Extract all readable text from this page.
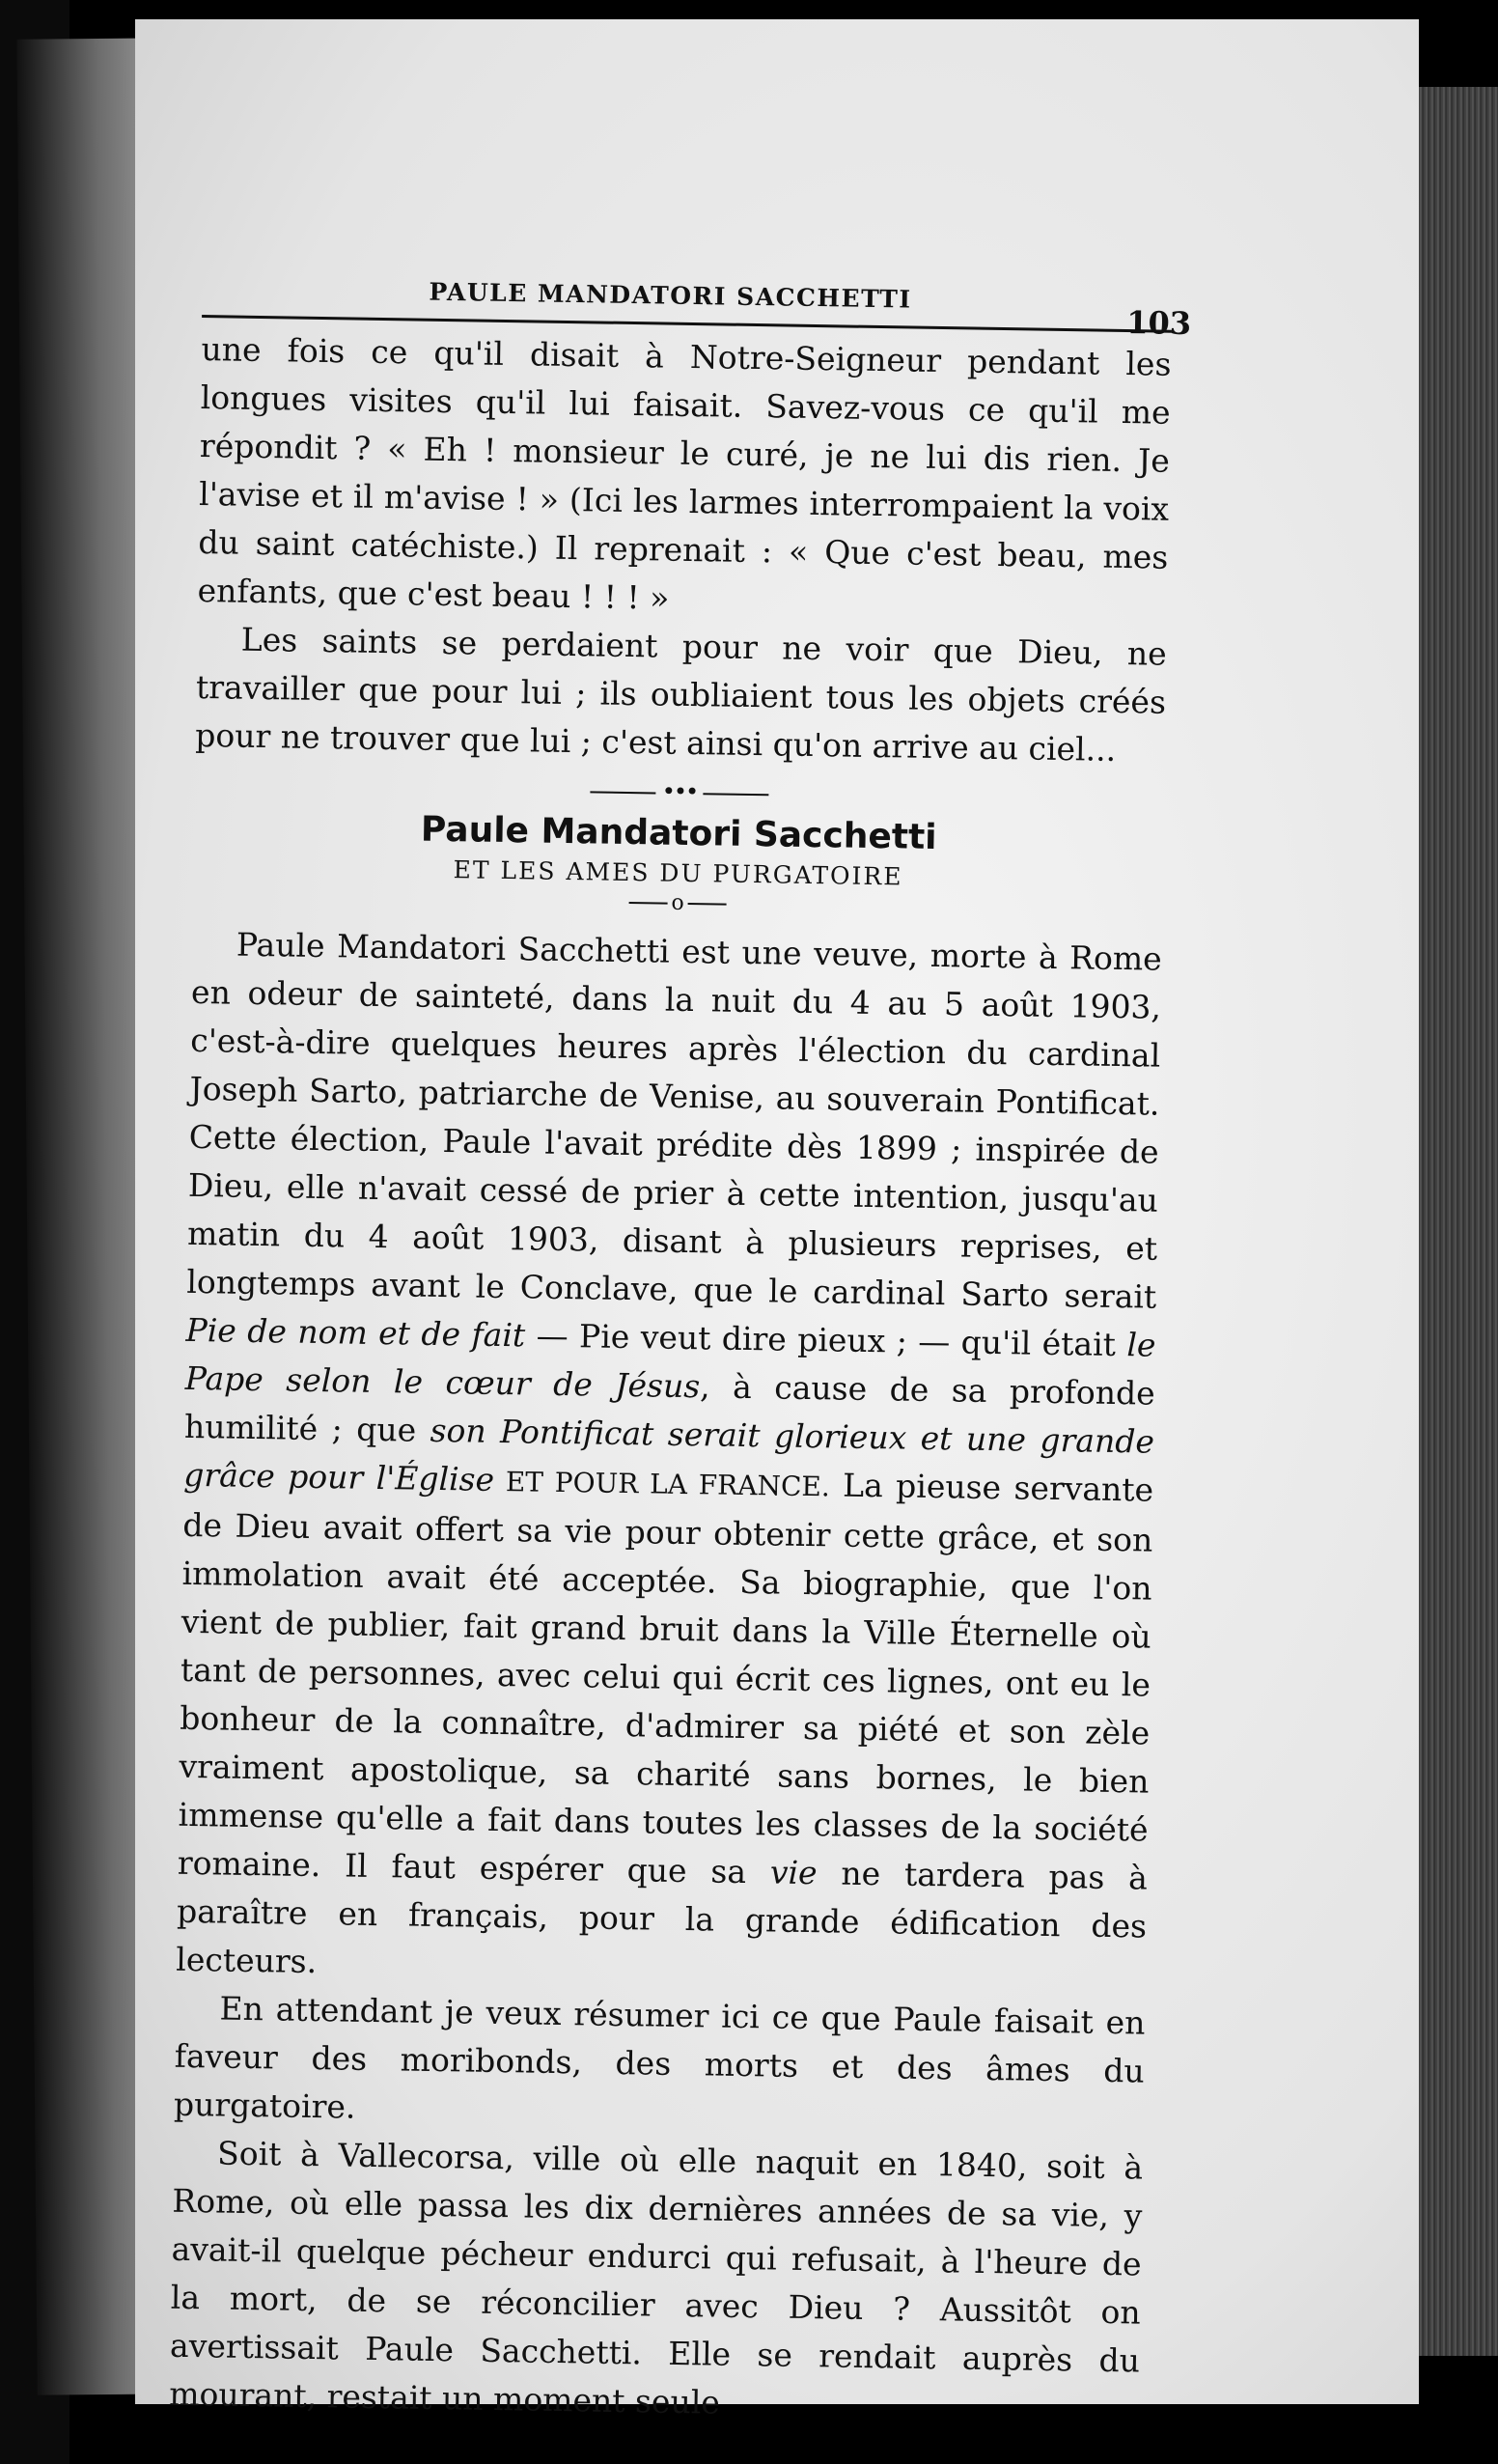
PAULE MANDATORI SACCHETTI
103

une fois ce qu'il disait à Notre-Seigneur pendant les longues visites qu'il lui faisait. Savez-vous ce qu'il me répondit ? « Eh ! monsieur le curé, je ne lui dis rien. Je l'avise et il m'avise ! » (Ici les larmes interrompaient la voix du saint catéchiste.) Il reprenait : « Que c'est beau, mes enfants, que c'est beau ! ! ! »

Les saints se perdaient pour ne voir que Dieu, ne travailler que pour lui ; ils oubliaient tous les objets créés pour ne trouver que lui ; c'est ainsi qu'on arrive au ciel...

•••
Paule Mandatori Sacchetti
ET LES AMES DU PURGATOIRE
o

Paule Mandatori Sacchetti est une veuve, morte à Rome en odeur de sainteté, dans la nuit du 4 au 5 août 1903, c'est-à-dire quelques heures après l'élection du cardinal Joseph Sarto, patriarche de Venise, au souverain Pontificat. Cette élection, Paule l'avait prédite dès 1899 ; inspirée de Dieu, elle n'avait cessé de prier à cette intention, jusqu'au matin du 4 août 1903, disant à plusieurs reprises, et longtemps avant le Conclave, que le cardinal Sarto serait Pie de nom et de fait — Pie veut dire pieux ; — qu'il était le Pape selon le cœur de Jésus, à cause de sa profonde humilité ; que son Pontificat serait glorieux et une grande grâce pour l'Église ET POUR LA FRANCE. La pieuse servante de Dieu avait offert sa vie pour obtenir cette grâce, et son immolation avait été acceptée. Sa biographie, que l'on vient de publier, fait grand bruit dans la Ville Éternelle où tant de personnes, avec celui qui écrit ces lignes, ont eu le bonheur de la connaître, d'admirer sa piété et son zèle vraiment apostolique, sa charité sans bornes, le bien immense qu'elle a fait dans toutes les classes de la société romaine. Il faut espérer que sa vie ne tardera pas à paraître en français, pour la grande édification des lecteurs.

En attendant je veux résumer ici ce que Paule faisait en faveur des moribonds, des morts et des âmes du purgatoire.

Soit à Vallecorsa, ville où elle naquit en 1840, soit à Rome, où elle passa les dix dernières années de sa vie, y avait-il quelque pécheur endurci qui refusait, à l'heure de la mort, de se réconcilier avec Dieu ? Aussitôt on avertissait Paule Sacchetti. Elle se rendait auprès du mourant, restait un moment seule
